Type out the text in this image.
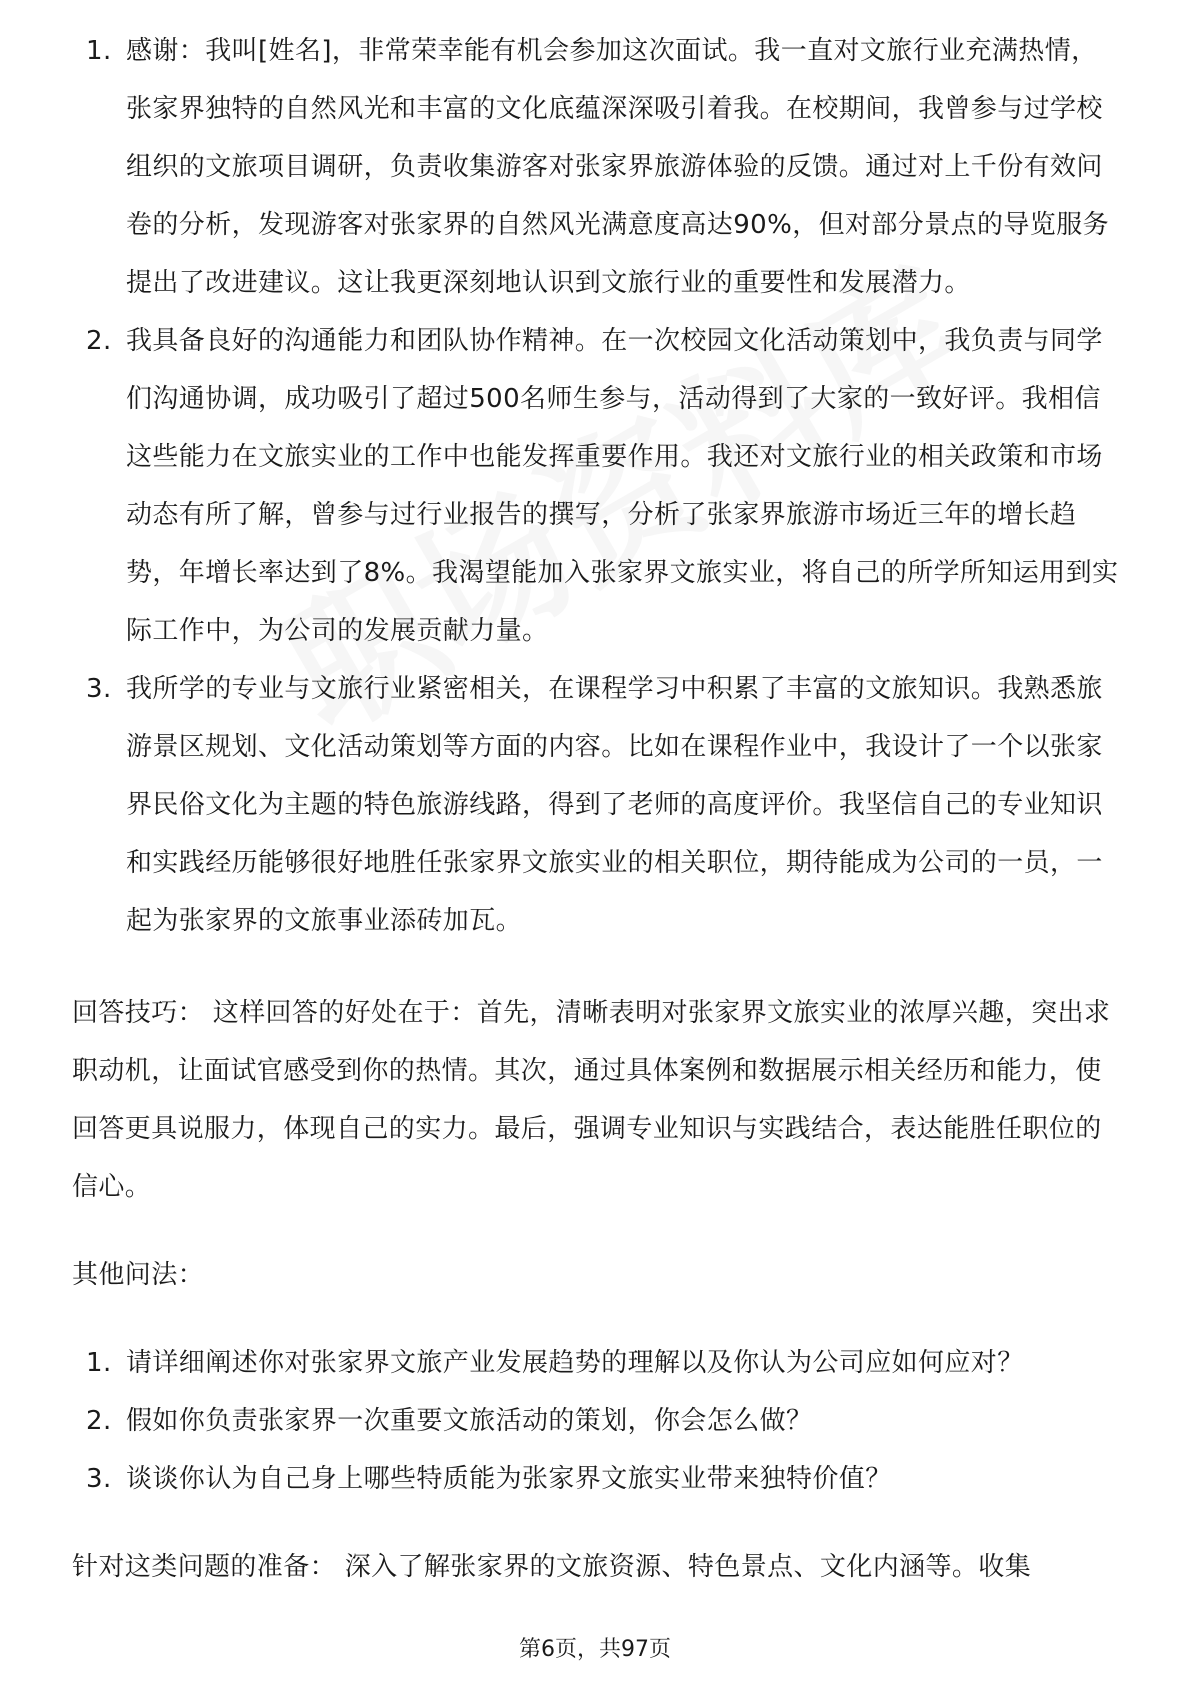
1. 感谢：我叫[姓名]，非常荣幸能有机会参加这次面试。我一直对文旅行业充满热情，张家界独特的自然风光和丰富的文化底蕴深深吸引着我。在校期间，我曾参与过学校组织的文旅项目调研，负责收集游客对张家界旅游体验的反馈。通过对上千份有效问卷的分析，发现游客对张家界的自然风光满意度高达90%，但对部分景点的导览服务提出了改进建议。这让我更深刻地认识到文旅行业的重要性和发展潜力。
2. 我具备良好的沟通能力和团队协作精神。在一次校园文化活动策划中，我负责与同学们沟通协调，成功吸引了超过500名师生参与，活动得到了大家的一致好评。我相信这些能力在文旅实业的工作中也能发挥重要作用。我还对文旅行业的相关政策和市场动态有所了解，曾参与过行业报告的撰写，分析了张家界旅游市场近三年的增长趋势，年增长率达到了8%。我渴望能加入张家界文旅实业，将自己的所学所知运用到实际工作中，为公司的发展贡献力量。
3. 我所学的专业与文旅行业紧密相关，在课程学习中积累了丰富的文旅知识。我熟悉旅游景区规划、文化活动策划等方面的内容。比如在课程作业中，我设计了一个以张家界民俗文化为主题的特色旅游线路，得到了老师的高度评价。我坚信自己的专业知识和实践经历能够很好地胜任张家界文旅实业的相关职位，期待能成为公司的一员，一起为张家界的文旅事业添砖加瓦。

回答技巧： 这样回答的好处在于：首先，清晰表明对张家界文旅实业的浓厚兴趣，突出求职动机，让面试官感受到你的热情。其次，通过具体案例和数据展示相关经历和能力，使回答更具说服力，体现自己的实力。最后，强调专业知识与实践结合，表达能胜任职位的信心。

其他问法：

1. 请详细阐述你对张家界文旅产业发展趋势的理解以及你认为公司应如何应对？
2. 假如你负责张家界一次重要文旅活动的策划，你会怎么做？
3. 谈谈你认为自己身上哪些特质能为张家界文旅实业带来独特价值？

针对这类问题的准备： 深入了解张家界的文旅资源、特色景点、文化内涵等。收集

第6页，共97页
